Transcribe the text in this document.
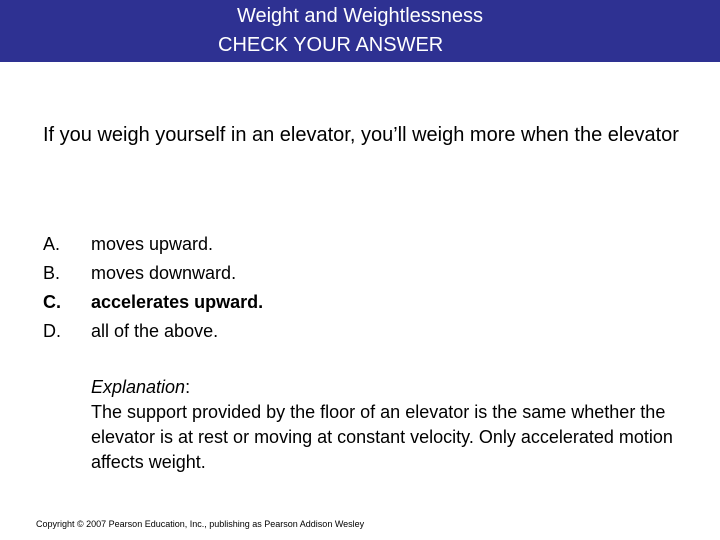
Weight and Weightlessness
CHECK YOUR ANSWER
If you weigh yourself in an elevator, you’ll weigh more when the elevator
A. moves upward.
B. moves downward.
C. accelerates upward.
D. all of the above.
Explanation:
The support provided by the floor of an elevator is the same whether the elevator is at rest or moving at constant velocity. Only accelerated motion affects weight.
Copyright © 2007 Pearson Education, Inc., publishing as Pearson Addison Wesley
